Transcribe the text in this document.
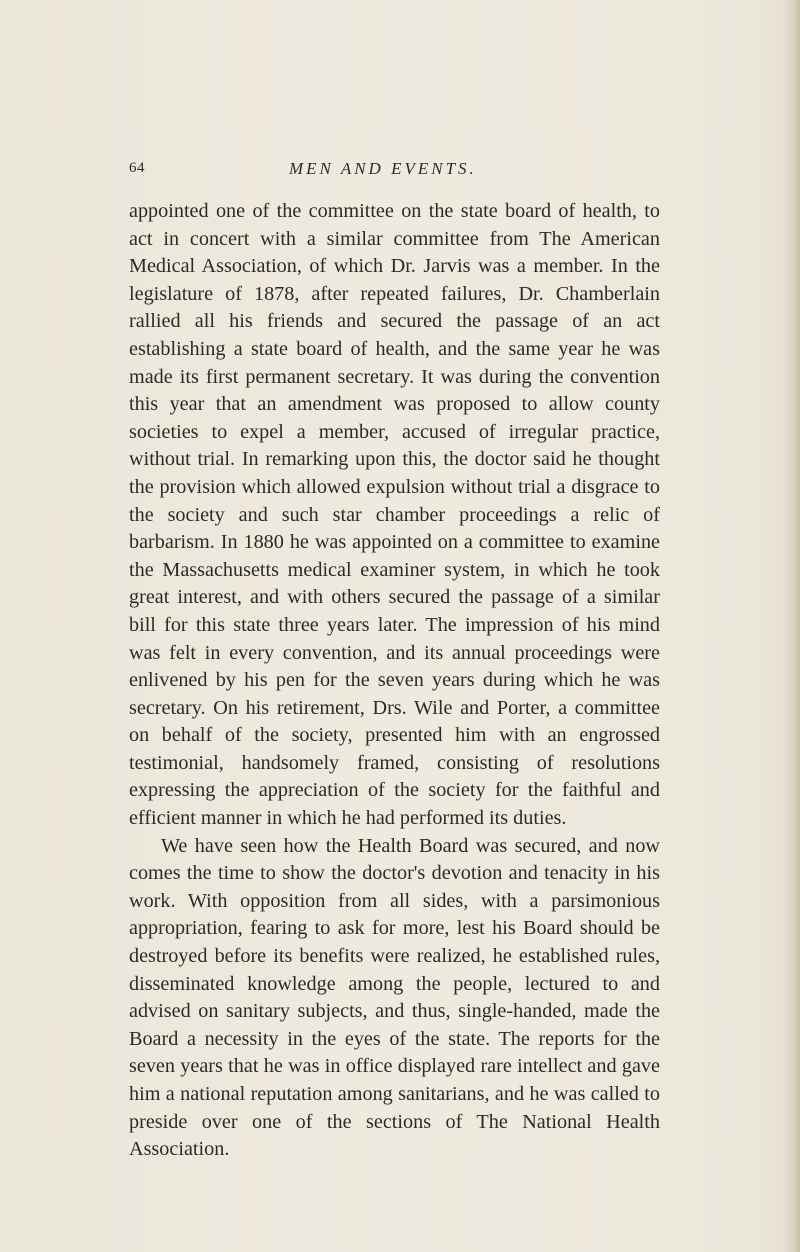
64	MEN AND EVENTS.

appointed one of the committee on the state board of health, to act in concert with a similar committee from The American Medical Association, of which Dr. Jarvis was a member. In the legislature of 1878, after repeated failures, Dr. Chamberlain rallied all his friends and secured the passage of an act establishing a state board of health, and the same year he was made its first permanent secretary. It was during the convention this year that an amendment was proposed to allow county societies to expel a member, accused of irregular practice, without trial. In remarking upon this, the doctor said he thought the provision which allowed expulsion without trial a disgrace to the society and such star chamber proceedings a relic of barbarism. In 1880 he was appointed on a committee to examine the Massachusetts medical examiner system, in which he took great interest, and with others secured the passage of a similar bill for this state three years later. The impression of his mind was felt in every convention, and its annual proceedings were enlivened by his pen for the seven years during which he was secretary. On his retirement, Drs. Wile and Porter, a committee on behalf of the society, presented him with an engrossed testimonial, handsomely framed, consisting of resolutions expressing the appreciation of the society for the faithful and efficient manner in which he had performed its duties.

We have seen how the Health Board was secured, and now comes the time to show the doctor's devotion and tenacity in his work. With opposition from all sides, with a parsimonious appropriation, fearing to ask for more, lest his Board should be destroyed before its benefits were realized, he established rules, disseminated knowledge among the people, lectured to and advised on sanitary subjects, and thus, single-handed, made the Board a necessity in the eyes of the state. The reports for the seven years that he was in office displayed rare intellect and gave him a national reputation among sanitarians, and he was called to preside over one of the sections of The National Health Association.
